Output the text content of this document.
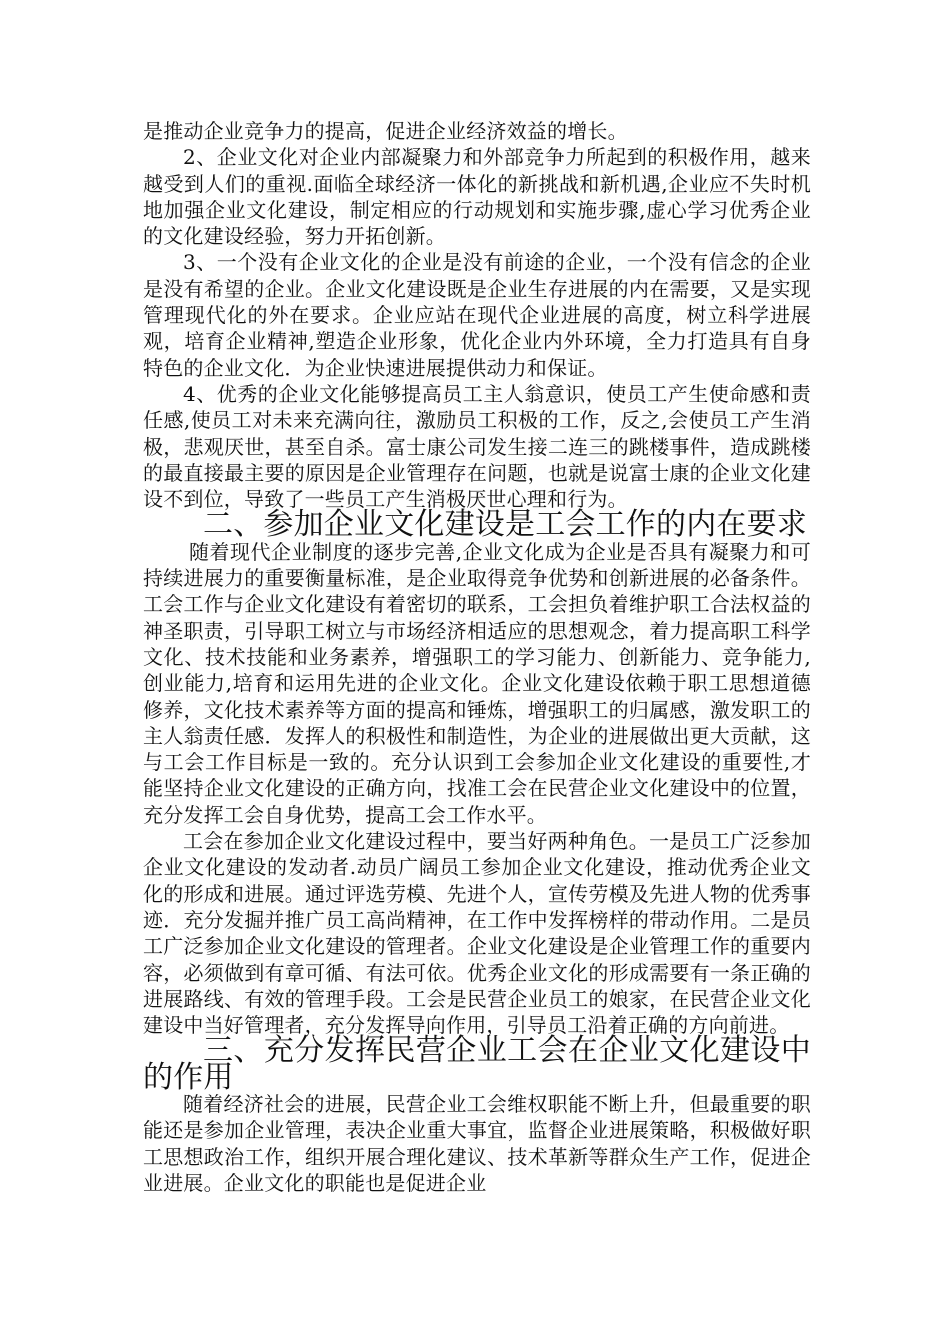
是推动企业竞争力的提高，促进企业经济效益的增长。

2、企业文化对企业内部凝聚力和外部竞争力所起到的积极作用，越来越受到人们的重视.面临全球经济一体化的新挑战和新机遇,企业应不失时机地加强企业文化建设，制定相应的行动规划和实施步骤,虚心学习优秀企业的文化建设经验，努力开拓创新。

3、一个没有企业文化的企业是没有前途的企业，一个没有信念的企业是没有希望的企业。企业文化建设既是企业生存进展的内在需要，又是实现管理现代化的外在要求。企业应站在现代企业进展的高度，树立科学进展观，培育企业精神,塑造企业形象，优化企业内外环境，全力打造具有自身特色的企业文化．为企业快速进展提供动力和保证。

4、优秀的企业文化能够提高员工主人翁意识，使员工产生使命感和责任感,使员工对未来充满向往，激励员工积极的工作，反之,会使员工产生消极，悲观厌世，甚至自杀。富士康公司发生接二连三的跳楼事件，造成跳楼的最直接最主要的原因是企业管理存在问题，也就是说富士康的企业文化建设不到位，导致了一些员工产生消极厌世心理和行为。

二、参加企业文化建设是工会工作的内在要求

随着现代企业制度的逐步完善,企业文化成为企业是否具有凝聚力和可持续进展力的重要衡量标准，是企业取得竞争优势和创新进展的必备条件。工会工作与企业文化建设有着密切的联系，工会担负着维护职工合法权益的神圣职责，引导职工树立与市场经济相适应的思想观念，着力提高职工科学文化、技术技能和业务素养，增强职工的学习能力、创新能力、竞争能力,创业能力,培育和运用先进的企业文化。企业文化建设依赖于职工思想道德修养，文化技术素养等方面的提高和锤炼，增强职工的归属感，激发职工的主人翁责任感．发挥人的积极性和制造性，为企业的进展做出更大贡献，这与工会工作目标是一致的。充分认识到工会参加企业文化建设的重要性,才能坚持企业文化建设的正确方向，找准工会在民营企业文化建设中的位置，充分发挥工会自身优势，提高工会工作水平。

工会在参加企业文化建设过程中，要当好两种角色。一是员工广泛参加企业文化建设的发动者.动员广阔员工参加企业文化建设，推动优秀企业文化的形成和进展。通过评选劳模、先进个人，宣传劳模及先进人物的优秀事迹．充分发掘并推广员工高尚精神，在工作中发挥榜样的带动作用。二是员工广泛参加企业文化建设的管理者。企业文化建设是企业管理工作的重要内容，必须做到有章可循、有法可依。优秀企业文化的形成需要有一条正确的进展路线、有效的管理手段。工会是民营企业员工的娘家，在民营企业文化建设中当好管理者，充分发挥导向作用，引导员工沿着正确的方向前进。

三、充分发挥民营企业工会在企业文化建设中的作用

随着经济社会的进展，民营企业工会维权职能不断上升，但最重要的职能还是参加企业管理，表决企业重大事宜，监督企业进展策略，积极做好职工思想政治工作，组织开展合理化建议、技术革新等群众生产工作，促进企业进展。企业文化的职能也是促进企业
